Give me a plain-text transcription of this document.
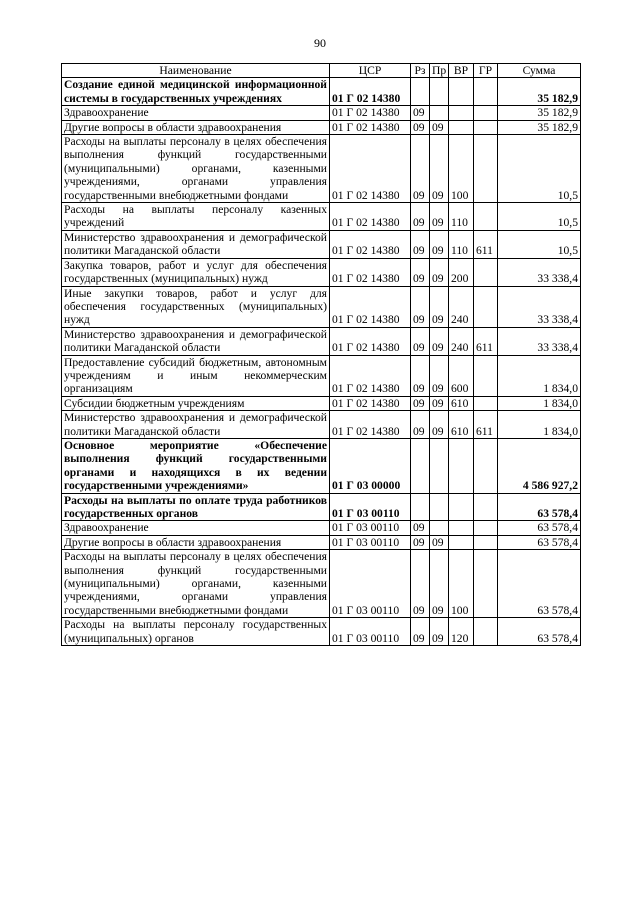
90
Наименование	ЦСР	Рз	Пр	ВР	ГР	Сумма
Создание единой медицинской информационной системы в государственных учреждениях	01 Г 02 14380					35 182,9
Здравоохранение	01 Г 02 14380	09				35 182,9
Другие вопросы в области здравоохранения	01 Г 02 14380	09	09			35 182,9
Расходы на выплаты персоналу в целях обеспечения выполнения функций государственными (муниципальными) органами, казенными учреждениями, органами управления государственными внебюджетными фондами	01 Г 02 14380	09	09	100		10,5
Расходы на выплаты персоналу казенных учреждений	01 Г 02 14380	09	09	110		10,5
Министерство здравоохранения и демографической политики Магаданской области	01 Г 02 14380	09	09	110	611	10,5
Закупка товаров, работ и услуг для обеспечения государственных (муниципальных) нужд	01 Г 02 14380	09	09	200		33 338,4
Иные закупки товаров, работ и услуг для обеспечения государственных (муниципальных) нужд	01 Г 02 14380	09	09	240		33 338,4
Министерство здравоохранения и демографической политики Магаданской области	01 Г 02 14380	09	09	240	611	33 338,4
Предоставление субсидий бюджетным, автономным учреждениям и иным некоммерческим организациям	01 Г 02 14380	09	09	600		1 834,0
Субсидии бюджетным учреждениям	01 Г 02 14380	09	09	610		1 834,0
Министерство здравоохранения и демографической политики Магаданской области	01 Г 02 14380	09	09	610	611	1 834,0
Основное мероприятие «Обеспечение выполнения функций государственными органами и находящихся в их ведении государственными учреждениями»	01 Г 03 00000					4 586 927,2
Расходы на выплаты по оплате труда работников государственных органов	01 Г 03 00110					63 578,4
Здравоохранение	01 Г 03 00110	09				63 578,4
Другие вопросы в области здравоохранения	01 Г 03 00110	09	09			63 578,4
Расходы на выплаты персоналу в целях обеспечения выполнения функций государственными (муниципальными) органами, казенными учреждениями, органами управления государственными внебюджетными фондами	01 Г 03 00110	09	09	100		63 578,4
Расходы на выплаты персоналу государственных (муниципальных) органов	01 Г 03 00110	09	09	120		63 578,4
